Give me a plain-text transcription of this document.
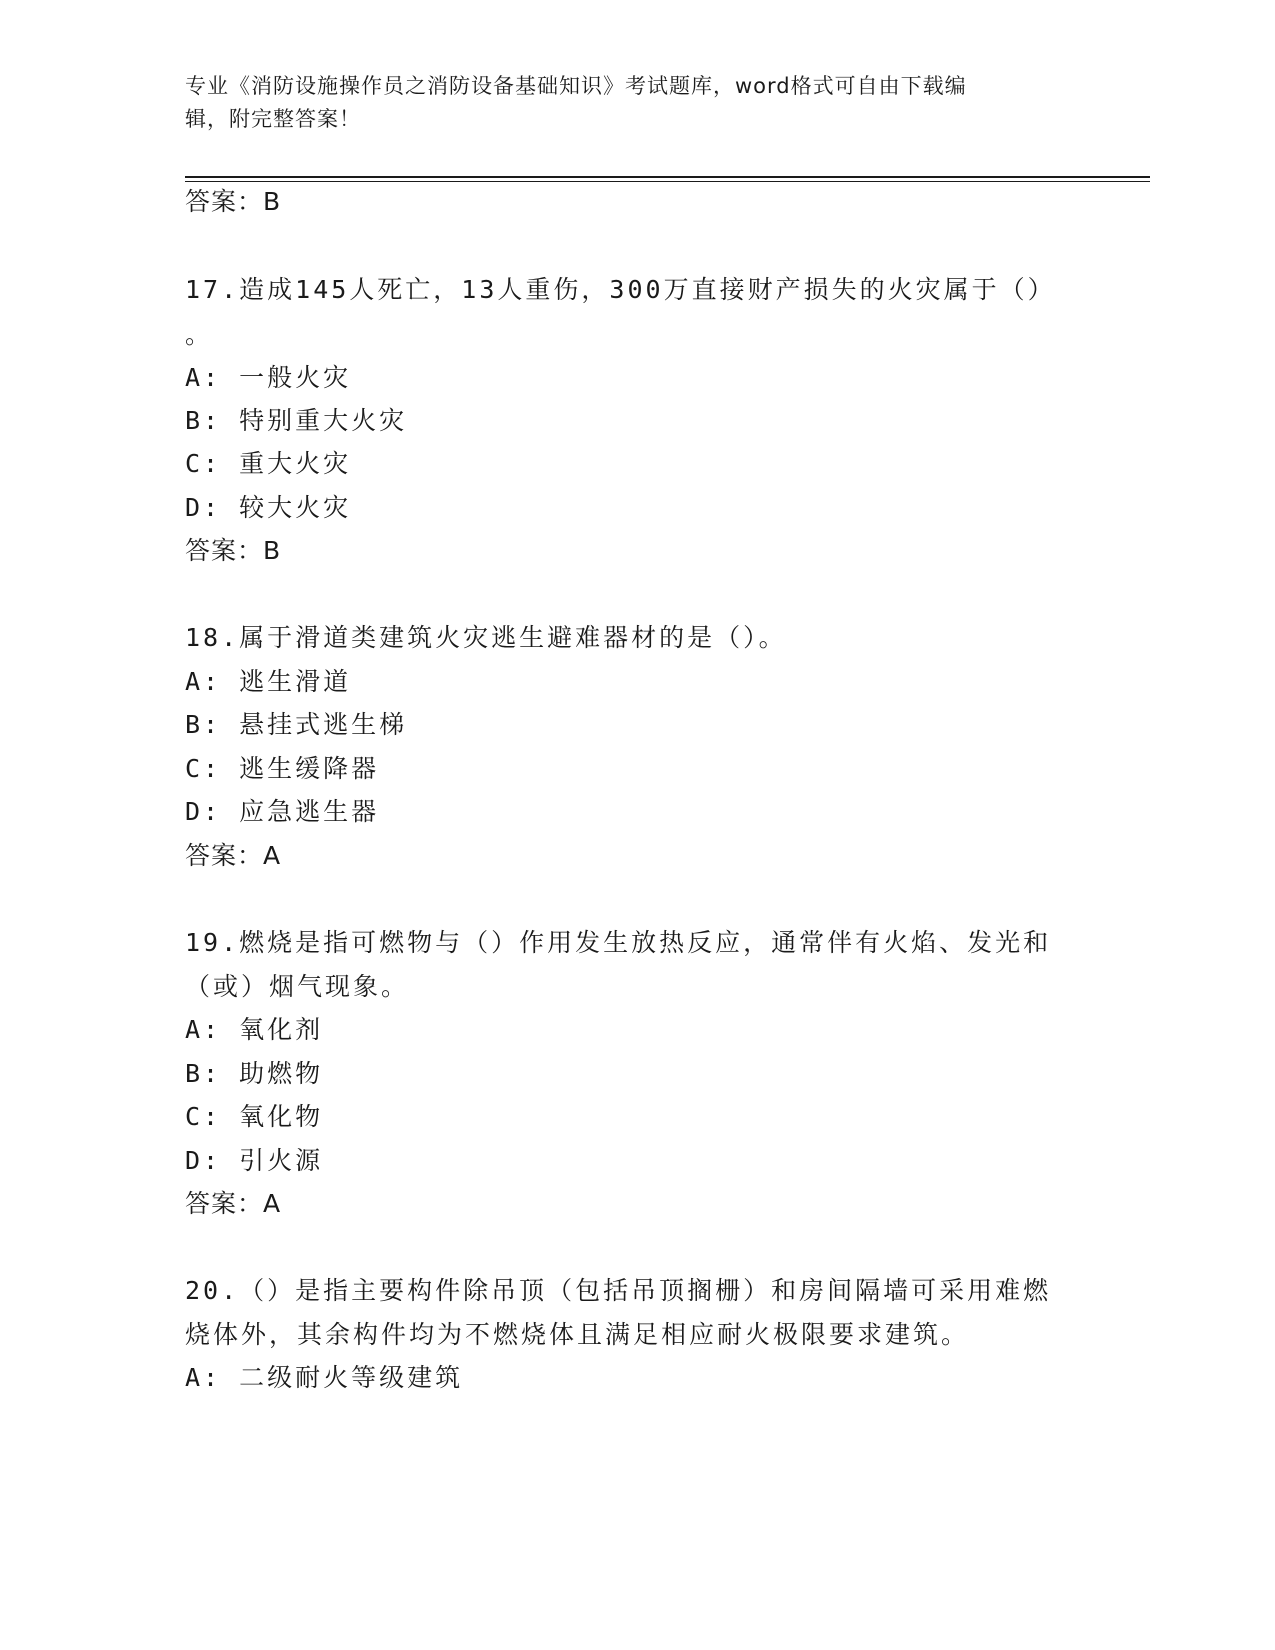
专业《消防设施操作员之消防设备基础知识》考试题库，word格式可自由下载编
辑，附完整答案！
答案：B
17.造成145人死亡，13人重伤，300万直接财产损失的火灾属于（）
。
A: 一般火灾
B: 特别重大火灾
C: 重大火灾
D: 较大火灾
答案：B
18.属于滑道类建筑火灾逃生避难器材的是（）。
A: 逃生滑道
B: 悬挂式逃生梯
C: 逃生缓降器
D: 应急逃生器
答案：A
19.燃烧是指可燃物与（）作用发生放热反应，通常伴有火焰、发光和
（或）烟气现象。
A: 氧化剂
B: 助燃物
C: 氧化物
D: 引火源
答案：A
20.（）是指主要构件除吊顶（包括吊顶搁栅）和房间隔墙可采用难燃
烧体外，其余构件均为不燃烧体且满足相应耐火极限要求建筑。
A: 二级耐火等级建筑
